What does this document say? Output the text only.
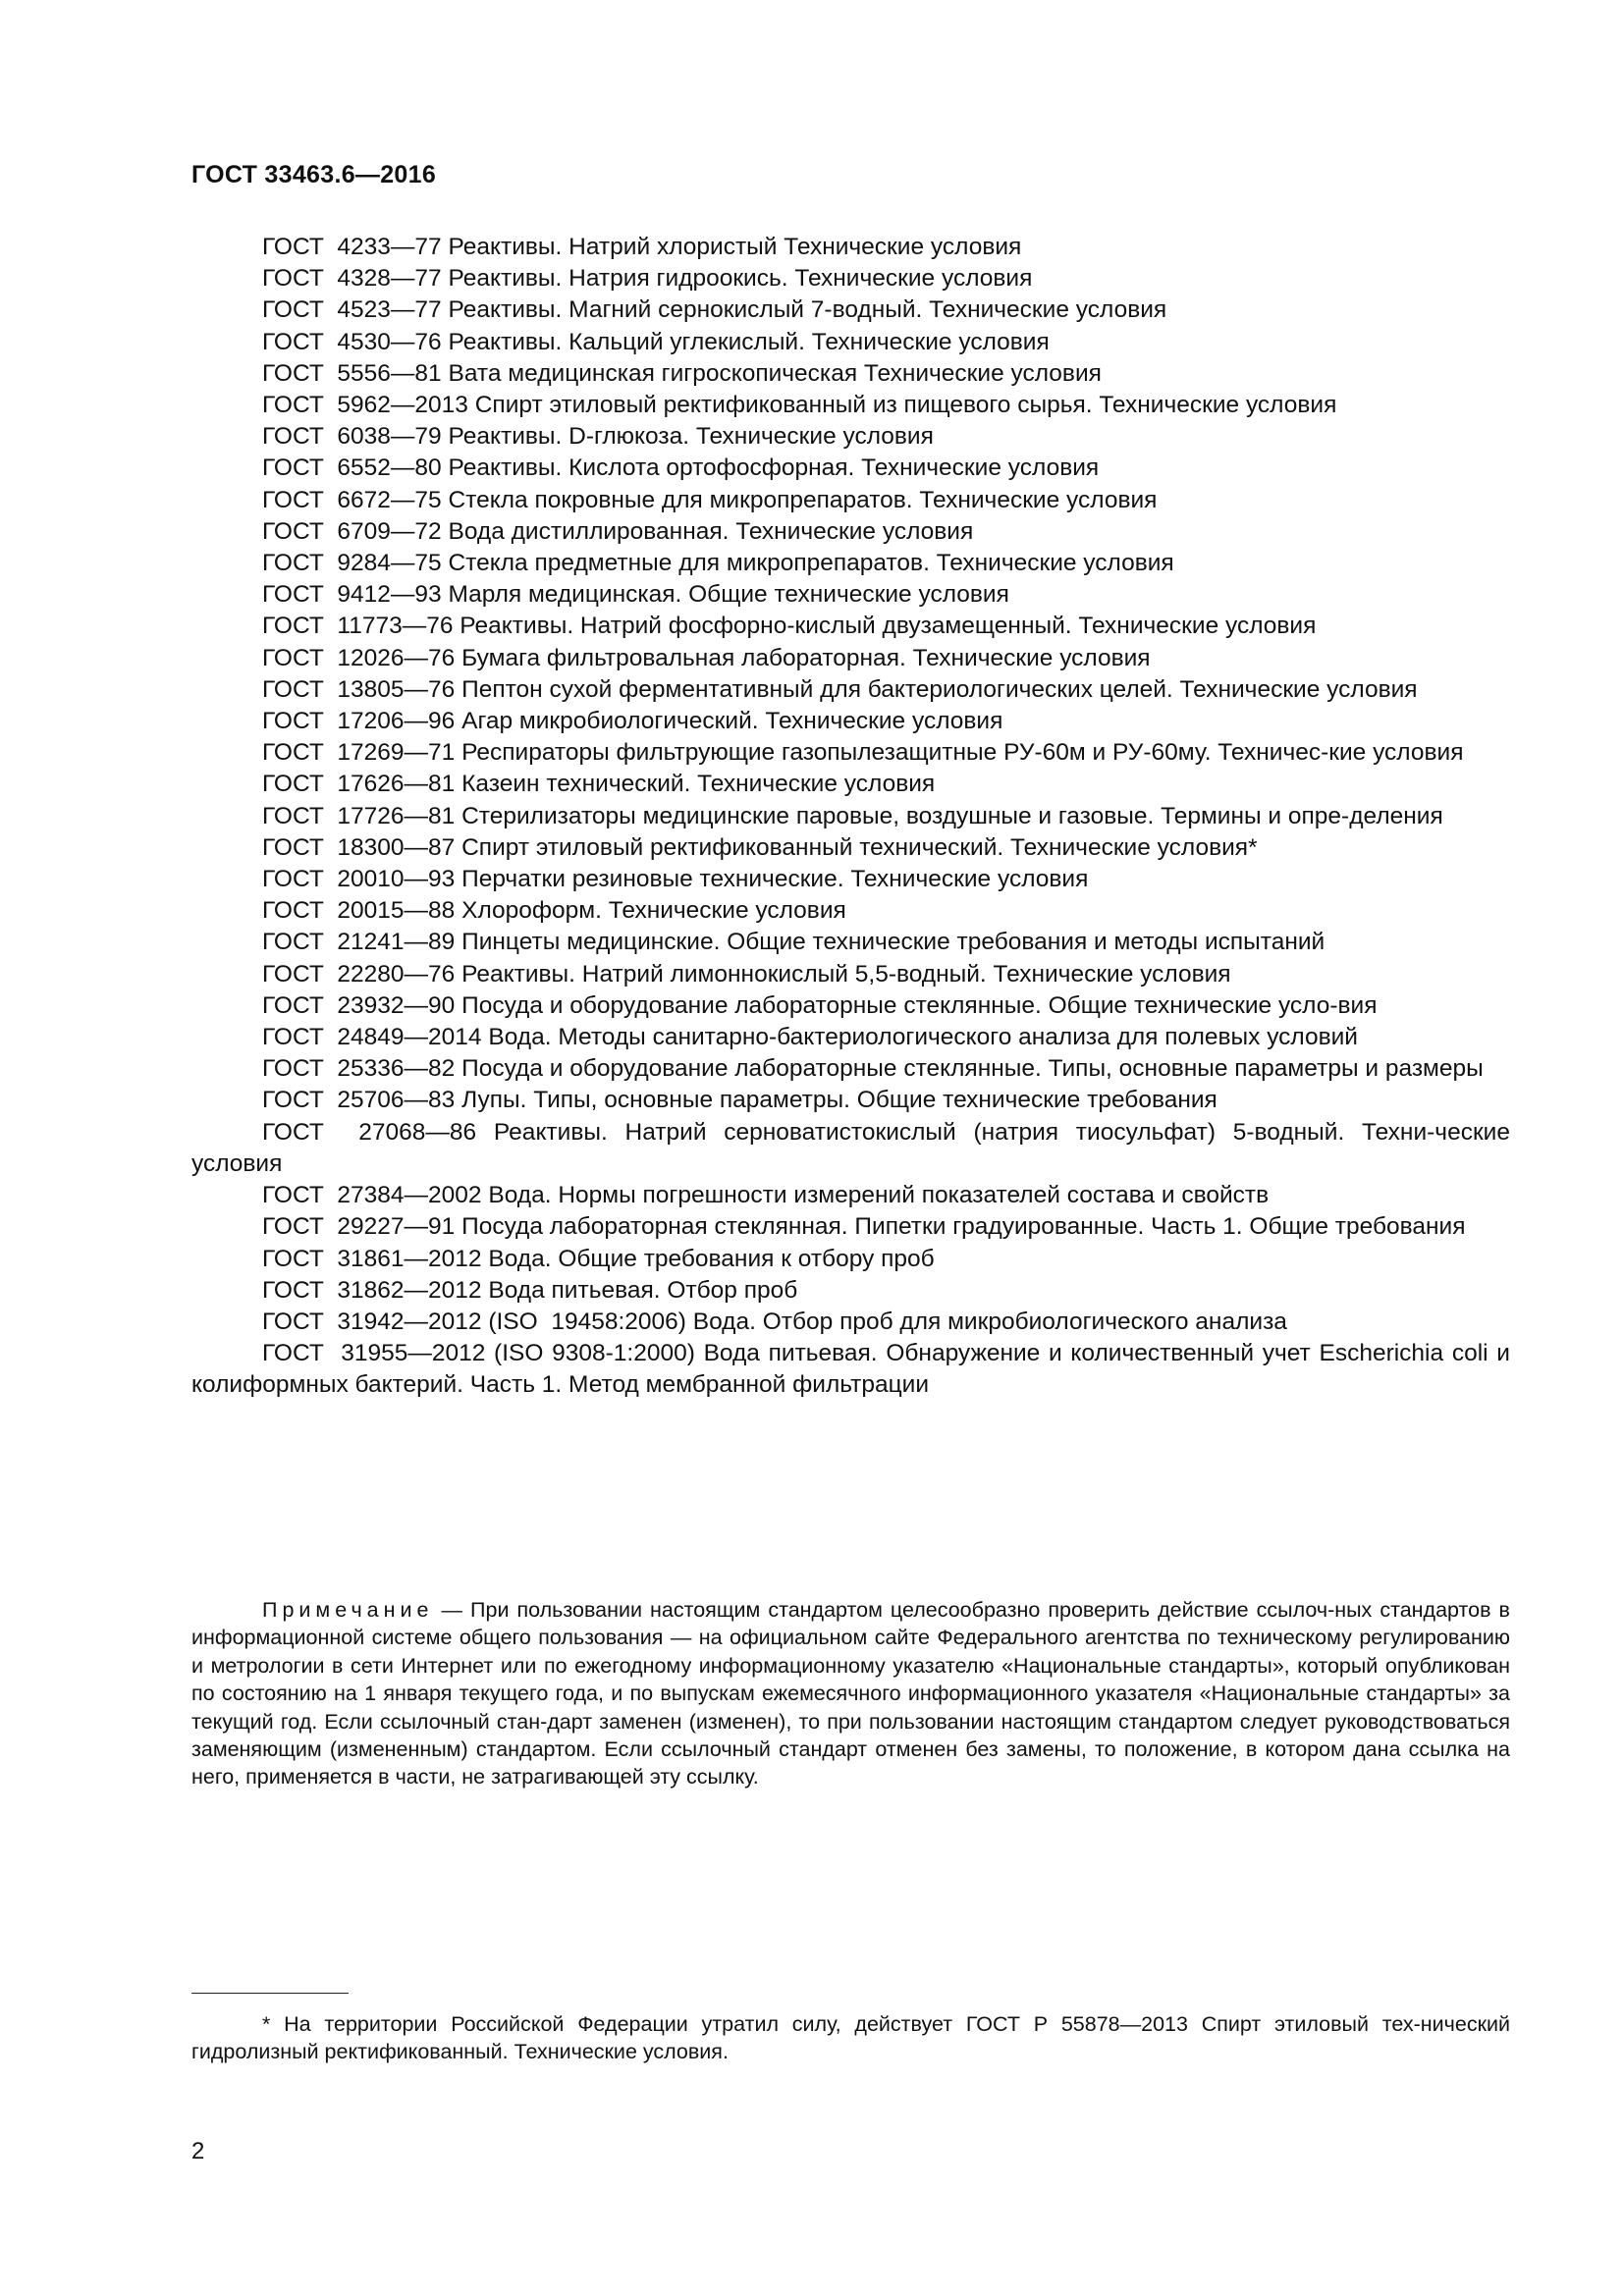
ГОСТ 33463.6—2016
ГОСТ  4233—77 Реактивы. Натрий хлористый Технические условия
ГОСТ  4328—77 Реактивы. Натрия гидроокись. Технические условия
ГОСТ  4523—77 Реактивы. Магний сернокислый 7-водный. Технические условия
ГОСТ  4530—76 Реактивы. Кальций углекислый. Технические условия
ГОСТ  5556—81 Вата медицинская гигроскопическая Технические условия
ГОСТ  5962—2013 Спирт этиловый ректификованный из пищевого сырья. Технические условия
ГОСТ  6038—79 Реактивы. D-глюкоза. Технические условия
ГОСТ  6552—80 Реактивы. Кислота ортофосфорная. Технические условия
ГОСТ  6672—75 Стекла покровные для микропрепаратов. Технические условия
ГОСТ  6709—72 Вода дистиллированная. Технические условия
ГОСТ  9284—75 Стекла предметные для микропрепаратов. Технические условия
ГОСТ  9412—93 Марля медицинская. Общие технические условия
ГОСТ  11773—76 Реактивы. Натрий фосфорно-кислый двузамещенный. Технические условия
ГОСТ  12026—76 Бумага фильтровальная лабораторная. Технические условия
ГОСТ  13805—76 Пептон сухой ферментативный для бактериологических целей. Технические условия
ГОСТ  17206—96 Агар микробиологический. Технические условия
ГОСТ  17269—71 Респираторы фильтрующие газопылезащитные РУ-60м и РУ-60му. Техничес-кие условия
ГОСТ  17626—81 Казеин технический. Технические условия
ГОСТ  17726—81 Стерилизаторы медицинские паровые, воздушные и газовые. Термины и опре-деления
ГОСТ  18300—87 Спирт этиловый ректификованный технический. Технические условия*
ГОСТ  20010—93 Перчатки резиновые технические. Технические условия
ГОСТ  20015—88 Хлороформ. Технические условия
ГОСТ  21241—89 Пинцеты медицинские. Общие технические требования и методы испытаний
ГОСТ  22280—76 Реактивы. Натрий лимоннокислый 5,5-водный. Технические условия
ГОСТ  23932—90 Посуда и оборудование лабораторные стеклянные. Общие технические усло-вия
ГОСТ  24849—2014 Вода. Методы санитарно-бактериологического анализа для полевых условий
ГОСТ  25336—82 Посуда и оборудование лабораторные стеклянные. Типы, основные параметры и размеры
ГОСТ  25706—83 Лупы. Типы, основные параметры. Общие технические требования
ГОСТ  27068—86 Реактивы. Натрий серноватистокислый (натрия тиосульфат) 5-водный. Техни-ческие условия
ГОСТ  27384—2002 Вода. Нормы погрешности измерений показателей состава и свойств
ГОСТ  29227—91 Посуда лабораторная стеклянная. Пипетки градуированные. Часть 1. Общие требования
ГОСТ  31861—2012 Вода. Общие требования к отбору проб
ГОСТ  31862—2012 Вода питьевая. Отбор проб
ГОСТ  31942—2012 (ISO  19458:2006) Вода. Отбор проб для микробиологического анализа
ГОСТ  31955—2012 (ISO 9308-1:2000) Вода питьевая. Обнаружение и количественный учет Escherichia coli и колиформных бактерий. Часть 1. Метод мембранной фильтрации
Примечание — При пользовании настоящим стандартом целесообразно проверить действие ссылоч-ных стандартов в информационной системе общего пользования — на официальном сайте Федерального агентства по техническому регулированию и метрологии в сети Интернет или по ежегодному информационному указателю «Национальные стандарты», который опубликован по состоянию на 1 января текущего года, и по выпускам ежемесячного информационного указателя «Национальные стандарты» за текущий год. Если ссылочный стан-дарт заменен (изменен), то при пользовании настоящим стандартом следует руководствоваться заменяющим (измененным) стандартом. Если ссылочный стандарт отменен без замены, то положение, в котором дана ссылка на него, применяется в части, не затрагивающей эту ссылку.
* На территории Российской Федерации утратил силу, действует ГОСТ Р 55878—2013 Спирт этиловый тех-нический гидролизный ректификованный. Технические условия.
2
